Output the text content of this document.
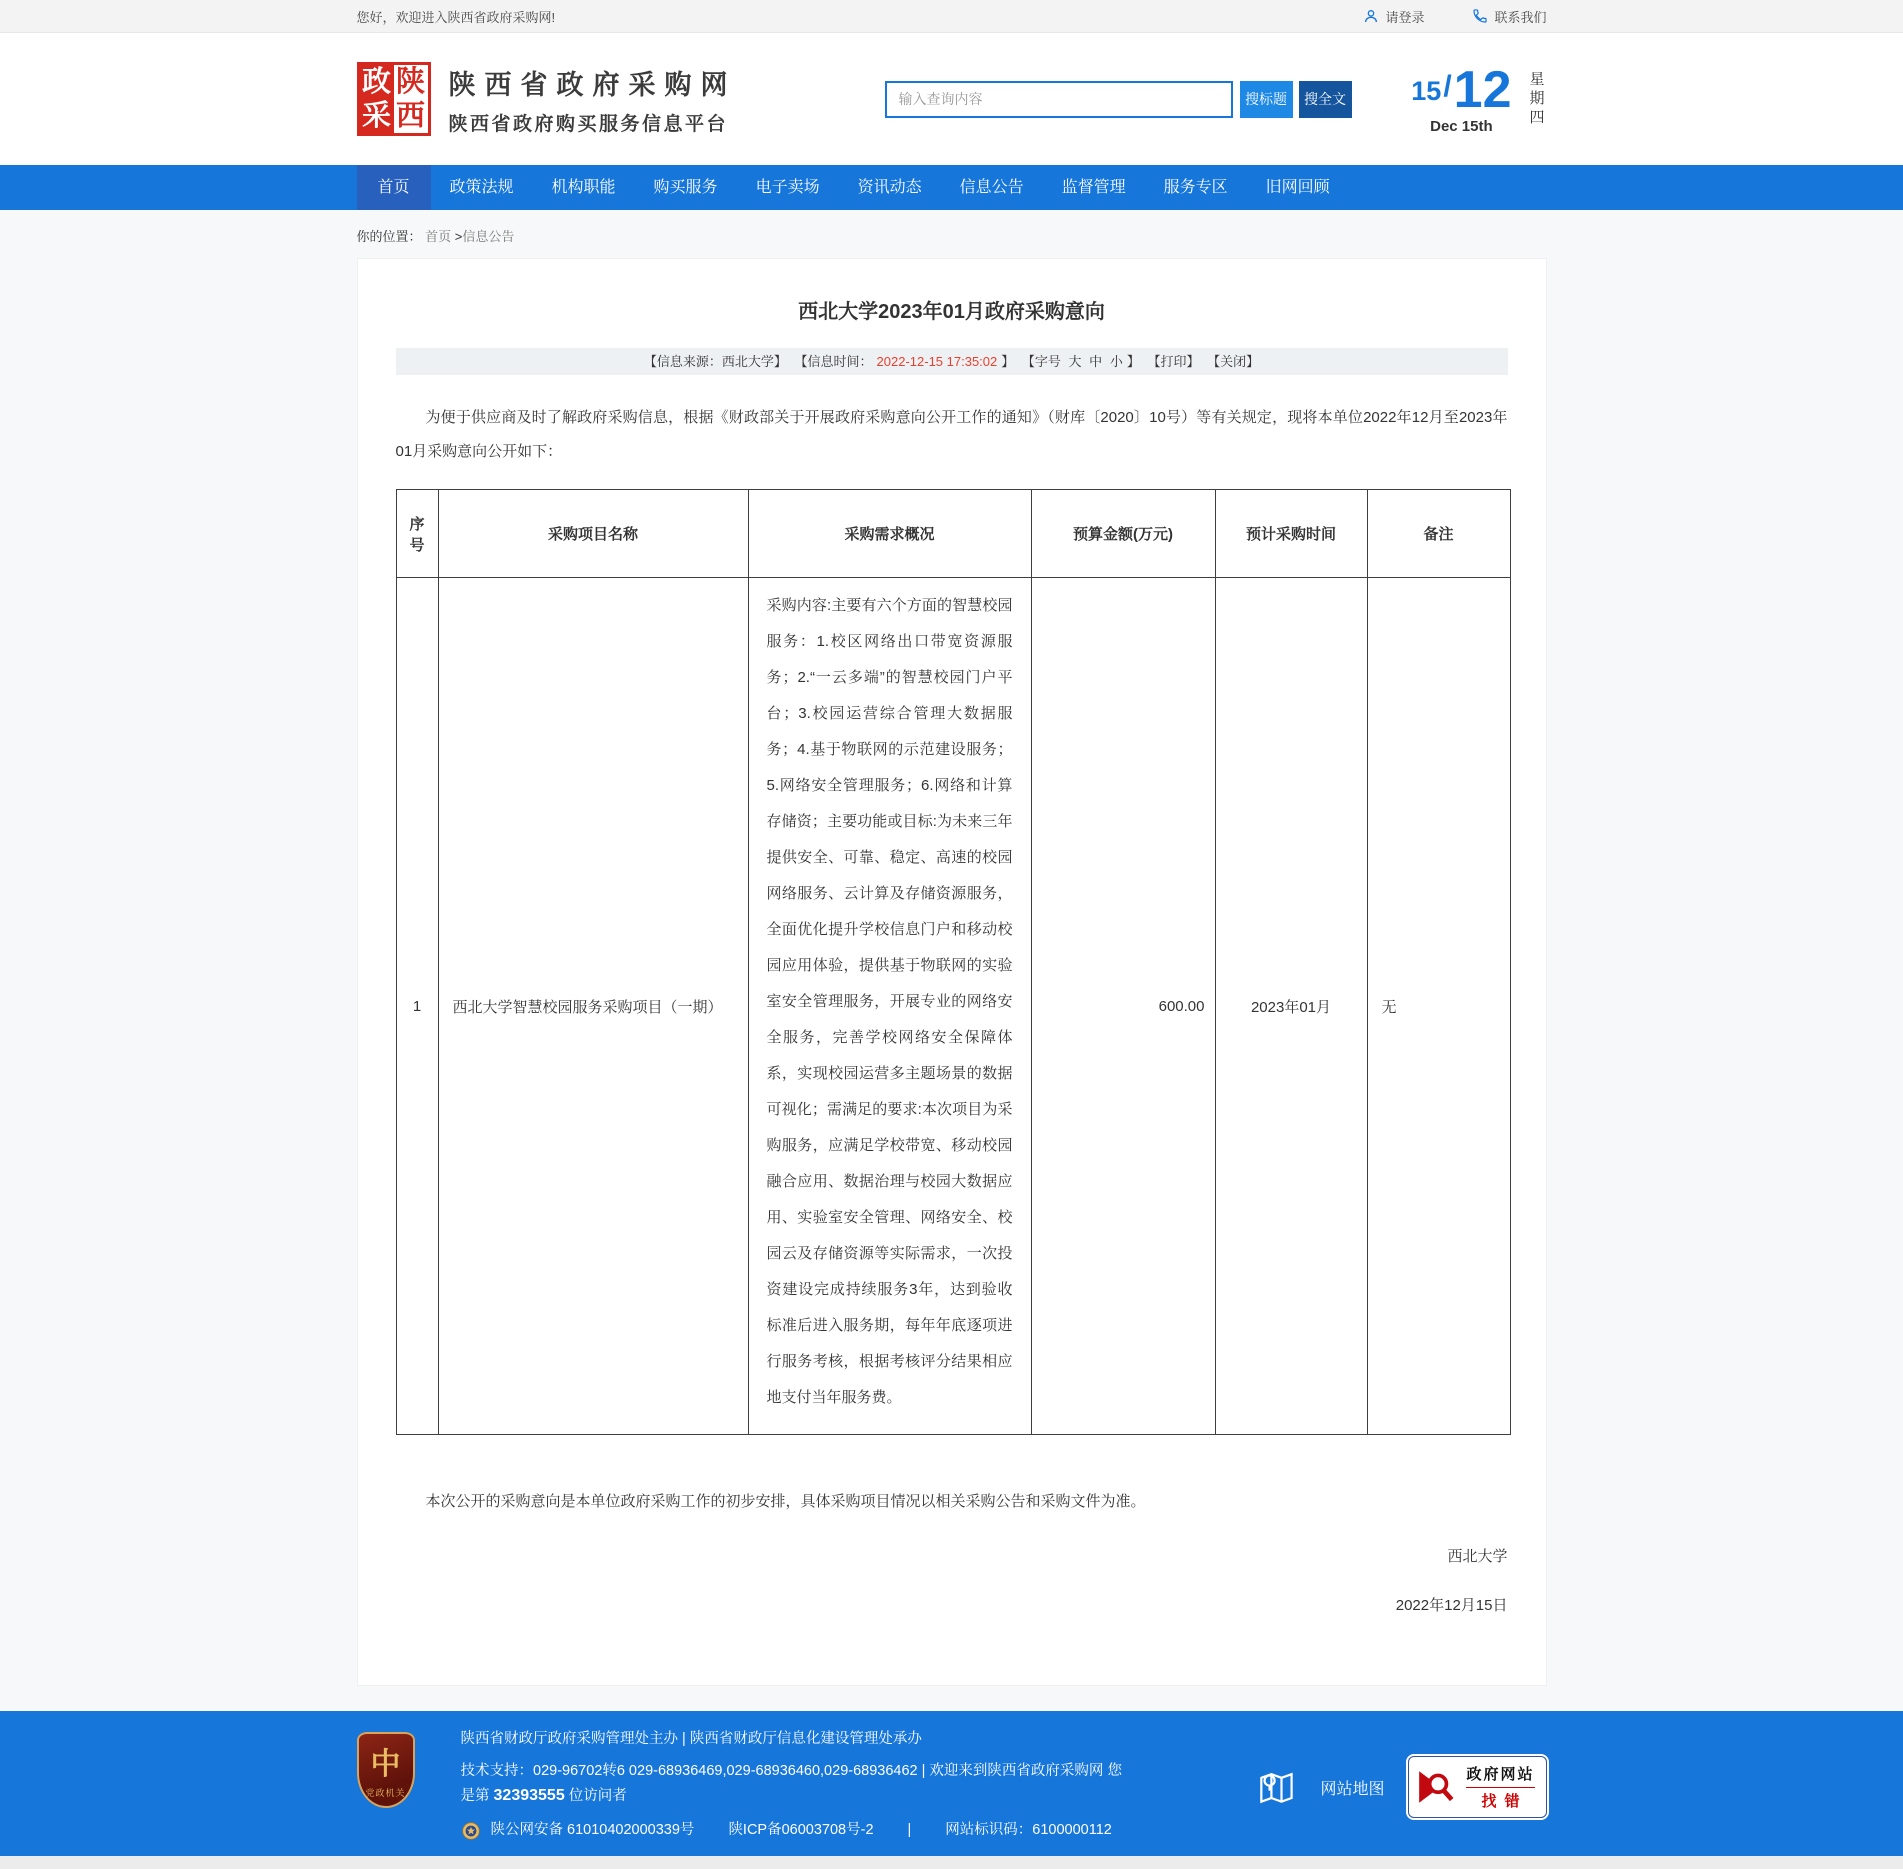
您好，欢迎进入陕西省政府采购网!	请登录	联系我们
政 陕
采 西
陕西省政府采购网
陕西省政府购买服务信息平台
输入查询内容
搜标题	搜全文 15 / 12 星期四
Dec 15th
首页	政策法规	机构职能	购买服务	电子卖场	资讯动态	信息公告	监督管理	服务专区	旧网回顾
你的位置： 首页 >信息公告
西北大学2023年01月政府采购意向
【信息来源：西北大学】 【信息时间： 2022-12-15 17:35:02 】 【字号 大 中 小 】 【打印】 【关闭】

为便于供应商及时了解政府采购信息，根据《财政部关于开展政府采购意向公开工作的通知》（财库〔2020〕10号）等有关规定，现将本单位2022年12月至2023年01月采购意向公开如下：

序号	采购项目名称	采购需求概况	预算金额(万元)	预计采购时间	备注
1	西北大学智慧校园服务采购项目（一期）	采购内容:主要有六个方面的智慧校园服务：1.校区网络出口带宽资源服务；2.“一云多端”的智慧校园门户平台；3.校园运营综合管理大数据服务；4.基于物联网的示范建设服务；5.网络安全管理服务；6.网络和计算存储资；主要功能或目标:为未来三年提供安全、可靠、稳定、高速的校园网络服务、云计算及存储资源服务，全面优化提升学校信息门户和移动校园应用体验，提供基于物联网的实验室安全管理服务，开展专业的网络安全服务，完善学校网络安全保障体系，实现校园运营多主题场景的数据可视化；需满足的要求:本次项目为采购服务，应满足学校带宽、移动校园融合应用、数据治理与校园大数据应用、实验室安全管理、网络安全、校园云及存储资源等实际需求，一次投资建设完成持续服务3年，达到验收标准后进入服务期，每年年底逐项进行服务考核，根据考核评分结果相应地支付当年服务费。	600.00	2023年01月	无

本次公开的采购意向是本单位政府采购工作的初步安排，具体采购项目情况以相关采购公告和采购文件为准。

西北大学
2022年12月15日
中
党政机关
陕西省财政厅政府采购管理处主办 | 陕西省财政厅信息化建设管理处承办
技术支持：029-96702转6 029-68936469,029-68936460,029-68936462 | 欢迎来到陕西省政府采购网 您是第 32393555 位访问者
陕公网安备 61010402000339号 陕ICP备06003708号-2 | 网站标识码：6100000112
网站地图
政府网站
找错
